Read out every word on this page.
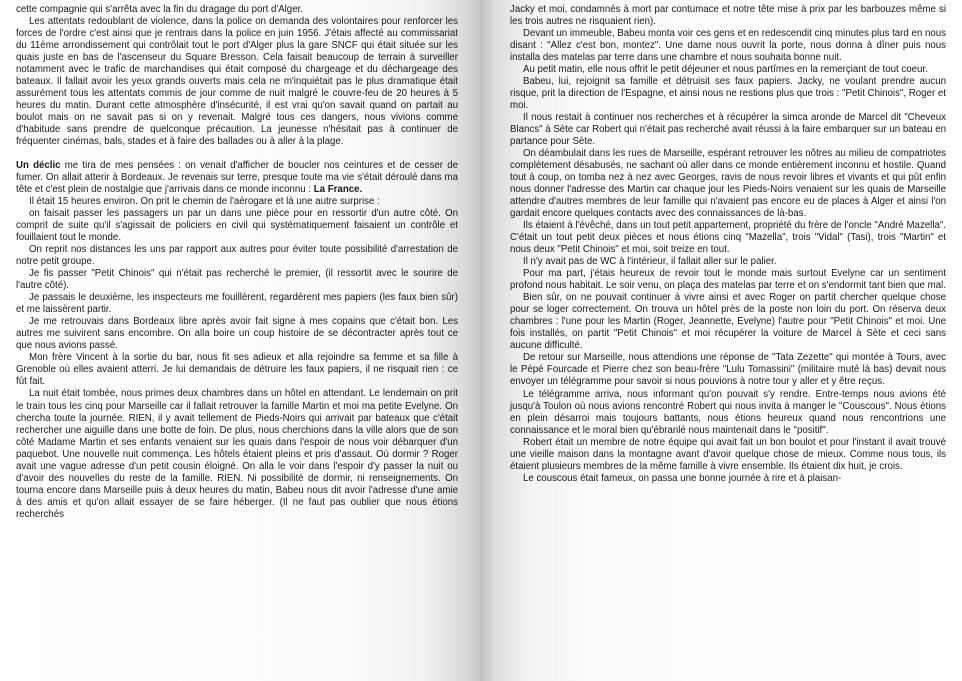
cette compagnie qui s'arrêta avec la fin du dragage du port d'Alger.

Les attentats redoublant de violence, dans la police on demanda des volontaires pour renforcer les forces de l'ordre c'est ainsi que je rentrais dans la police en juin 1956. J'étais affecté au commissariat du 11ème arrondissement qui contrôlait tout le port d'Alger plus la gare SNCF qui était située sur les quais juste en bas de l'ascenseur du Square Bresson. Cela faisait beaucoup de terrain à surveiller notamment avec le trafic de marchandises qui était composé du chargeage et du déchargeage des bateaux. Il fallait avoir les yeux grands ouverts mais cela ne m'inquiétait pas le plus dramatique était assurément tous les attentats commis de jour comme de nuit malgré le couvre-feu de 20 heures à 5 heures du matin. Durant cette atmosphère d'insécurité, il est vrai qu'on savait quand on partait au boulot mais on ne savait pas si on y revenait. Malgré tous ces dangers, nous vivions comme d'habitude sans prendre de quelconque précaution. La jeunesse n'hésitait pas à continuer de fréquenter cinémas, bals, stades et à faire des ballades ou à aller à la plage.

Un déclic me tira de mes pensées : on venait d'afficher de boucler nos ceintures et de cesser de fumer. On allait atterir à Bordeaux. Je revenais sur terre, presque toute ma vie s'était déroulé dans ma tête et c'est plein de nostalgie que j'arrivais dans ce monde inconnu : La France.

Il était 15 heures environ. On prit le chemin de l'aérogare et là une autre surprise :

on faisait passer les passagers un par un dans une pièce pour en ressortir d'un autre côté. On comprit de suite qu'il s'agissait de policiers en civil qui systématiquement faisaient un contrôle et fouillaient tout le monde.

On reprit nos distances les uns par rapport aux autres pour éviter toute possibilité d'arrestation de notre petit groupe.

Je fis passer "Petit Chinois" qui n'était pas recherché le premier, (il ressortit avec le sourire de l'autre côté).

Je passais le deuxième, les inspecteurs me fouillèrent, regardèrent mes papiers (les faux bien sûr) et me laissèrent partir.

Je me retrouvais dans Bordeaux libre après avoir fait signe à mes copains que c'était bon. Les autres me suivirent sans encombre. On alla boire un coup histoire de se décontracter après tout ce que nous avions passé.

Mon frère Vincent à la sortie du bar, nous fit ses adieux et alla rejoindre sa femme et sa fille à Grenoble où elles avaient atterri. Je lui demandais de détruire les faux papiers, il ne risquait rien : ce fût fait.

La nuit était tombée, nous primes deux chambres dans un hôtel en attendant. Le lendemain on prit le train tous les cinq pour Marseille car il fallait retrouver la famille Martin et moi ma petite Evelyne. On chercha toute la journée. RIEN, il y avait tellement de Pieds-Noirs qui arrivait par bateaux que c'était rechercher une aiguille dans une botte de foin. De plus, nous cherchions dans la ville alors que de son côté Madame Martin et ses enfants venaient sur les quais dans l'espoir de nous voir débarquer d'un paquebot. Une nouvelle nuit commença. Les hôtels étaient pleins et pris d'assaut. Où dormir ? Roger avait une vague adresse d'un petit cousin éloigné. On alla le voir dans l'espoir d'y passer la nuit ou d'avoir des nouvelles du reste de la famille. RIEN. Ni possibilité de dormir, ni renseignements. On tourna encore dans Marseille puis à deux heures du matin, Babeu nous dit avoir l'adresse d'une amie à des amis et qu'on allait essayer de se faire héberger. (Il ne faut pas oublier que nous étions recherchés

Jacky et moi, condamnés à mort par contumace et notre tête mise à prix par les barbouzes même si les trois autres ne risquaient rien).

Devant un immeuble, Babeu monta voir ces gens et en redescendit cinq minutes plus tard en nous disant : "Allez c'est bon, montez". Une dame nous ouvrit la porte, nous donna à dîner puis nous installa des matelas par terre dans une chambre et nous souhaita bonne nuit.

Au petit matin, elle nous offrit le petit déjeuner et nous partîmes en la remerçiant de tout coeur.

Babeu, lui, rejoignit sa famille et détruisit ses faux papiers. Jacky, ne voulant prendre aucun risque, prit la direction de l'Espagne, et ainsi nous ne restions plus que trois : "Petit Chinois", Roger et moi.

Il nous restait à continuer nos recherches et à récupérer la simca aronde de Marcel dit "Cheveux Blancs" à Sète car Robert qui n'était pas recherché avait réussi à la faire embarquer sur un bateau en partance pour Sète.

On déambulait dans les rues de Marseille, espérant retrouver les nôtres au milieu de compatriotes complètement désabusés, ne sachant où aller dans ce monde entièrement inconnu et hostile. Quand tout à coup, on tomba nez à nez avec Georges, ravis de nous revoir libres et vivants et qui pût enfin nous donner l'adresse des Martin car chaque jour les Pieds-Noirs venaient sur les quais de Marseille attendre d'autres membres de leur famille qui n'avaient pas encore eu de places à Alger et ainsi l'on gardait encore quelques contacts avec des connaissances de là-bas.

Ils étaient à l'évêché, dans un tout petit appartement, propriété du frère de l'oncle "André Mazella". C'était un tout petit deux pièces et nous étions cinq "Mazella", trois "Vidal" (Tasi), trois "Martin" et nous deux "Petit Chinois" et moi, soit treize en tout.

Il n'y avait pas de WC à l'intérieur, il fallait aller sur le palier.

Pour ma part, j'étais heureux de revoir tout le monde mais surtout Evelyne car un sentiment profond nous habitait. Le soir venu, on plaça des matelas par terre et on s'endormit tant bien que mal.

Bien sûr, on ne pouvait continuer à vivre ainsi et avec Roger on partit chercher quelque chose pour se loger correctement. On trouva un hôtel près de la poste non loin du port. On réserva deux chambres : l'une pour les Martin (Roger, Jeannette, Evelyne) l'autre pour "Petit Chinois" et moi. Une fois installés, on partit "Petit Chinois" et moi récupérer la voiture de Marcel à Sète et ceci sans aucune difficulté.

De retour sur Marseille, nous attendions une réponse de "Tata Zezette" qui montée à Tours, avec le Pépé Fourcade et Pierre chez son beau-frère "Lulu Tomassini" (militaire muté là bas) devait nous envoyer un télégramme pour savoir si nous pouvions à notre tour y aller et y être reçus.

Le télégramme arriva, nous informant qu'on pouvait s'y rendre. Entre-temps nous avions été jusqu'à Toulon où nous avions rencontré Robert qui nous invita à manger le "Couscous". Nous étions en plein désarroi mais toujours battants, nous étions heureux quand nous rencontrions une connaissance et le moral bien qu'ébranlé nous maintenait dans le "positif".

Robert était un membre de notre équipe qui avait fait un bon boulot et pour l'instant il avait trouvé une vieille maison dans la montagne avant d'avoir quelque chose de mieux. Comme nous tous, ils étaient plusieurs membres de la même famille à vivre ensemble. Ils étaient dix huit, je crois.

Le couscous était fameux, on passa une bonne journée à rire et à plaisan-
